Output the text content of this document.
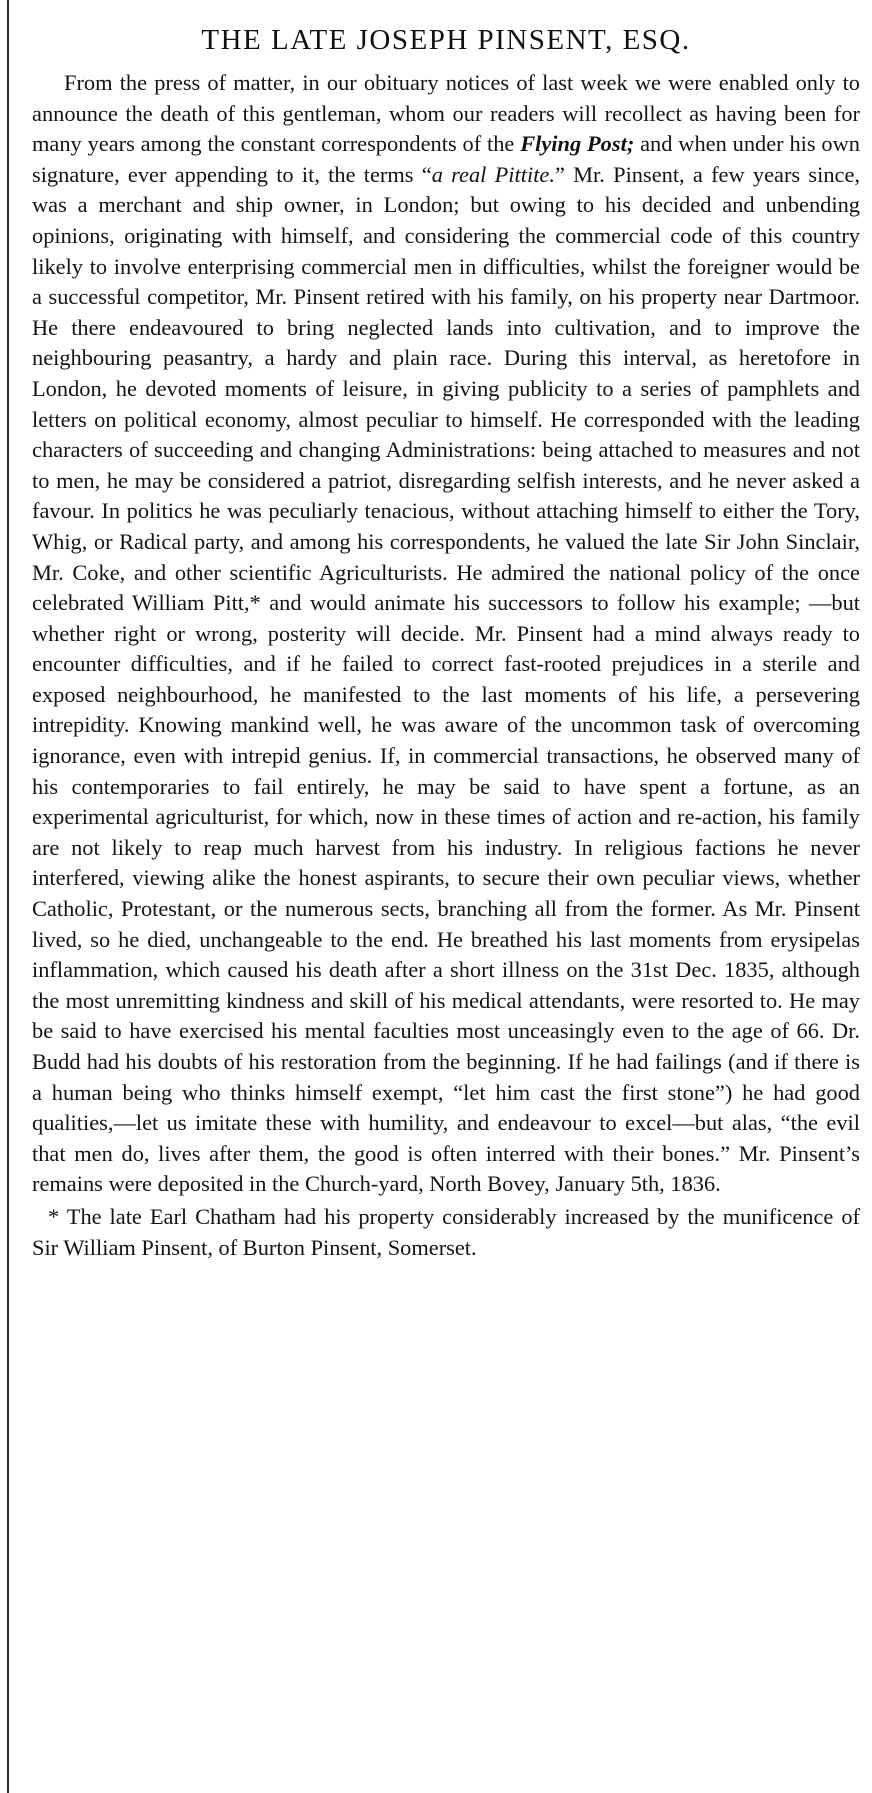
THE LATE JOSEPH PINSENT, ESQ.

From the press of matter, in our obituary notices of last week we were enabled only to announce the death of this gentleman, whom our readers will recollect as having been for many years among the constant correspondents of the Flying Post; and when under his own signature, ever appending to it, the terms “a real Pittite.” Mr. Pinsent, a few years since, was a merchant and ship owner, in London; but owing to his decided and unbending opinions, originating with himself, and considering the commercial code of this country likely to involve enterprising commercial men in difficulties, whilst the foreigner would be a successful competitor, Mr. Pinsent retired with his family, on his property near Dartmoor. He there endeavoured to bring neglected lands into cultivation, and to improve the neighbouring peasantry, a hardy and plain race. During this interval, as heretofore in London, he devoted moments of leisure, in giving publicity to a series of pamphlets and letters on political economy, almost peculiar to himself. He corresponded with the leading characters of succeeding and changing Administrations: being attached to measures and not to men, he may be considered a patriot, disregarding selfish interests, and he never asked a favour. In politics he was peculiarly tenacious, without attaching himself to either the Tory, Whig, or Radical party, and among his correspondents, he valued the late Sir John Sinclair, Mr. Coke, and other scientific Agriculturists. He admired the national policy of the once celebrated William Pitt,* and would animate his successors to follow his example; —but whether right or wrong, posterity will decide. Mr. Pinsent had a mind always ready to encounter difficulties, and if he failed to correct fast-rooted prejudices in a sterile and exposed neighbourhood, he manifested to the last moments of his life, a persevering intrepidity. Knowing mankind well, he was aware of the uncommon task of overcoming ignorance, even with intrepid genius. If, in commercial transactions, he observed many of his contemporaries to fail entirely, he may be said to have spent a fortune, as an experimental agriculturist, for which, now in these times of action and re-action, his family are not likely to reap much harvest from his industry. In religious factions he never interfered, viewing alike the honest aspirants, to secure their own peculiar views, whether Catholic, Protestant, or the numerous sects, branching all from the former. As Mr. Pinsent lived, so he died, unchangeable to the end. He breathed his last moments from erysipelas inflammation, which caused his death after a short illness on the 31st Dec. 1835, although the most unremitting kindness and skill of his medical attendants, were resorted to. He may be said to have exercised his mental faculties most unceasingly even to the age of 66. Dr. Budd had his doubts of his restoration from the beginning. If he had failings (and if there is a human being who thinks himself exempt, “let him cast the first stone”) he had good qualities,—let us imitate these with humility, and endeavour to excel—but alas, “the evil that men do, lives after them, the good is often interred with their bones.” Mr. Pinsent’s remains were deposited in the Church-yard, North Bovey, January 5th, 1836.

* The late Earl Chatham had his property considerably increased by the munificence of Sir William Pinsent, of Burton Pinsent, Somerset.
